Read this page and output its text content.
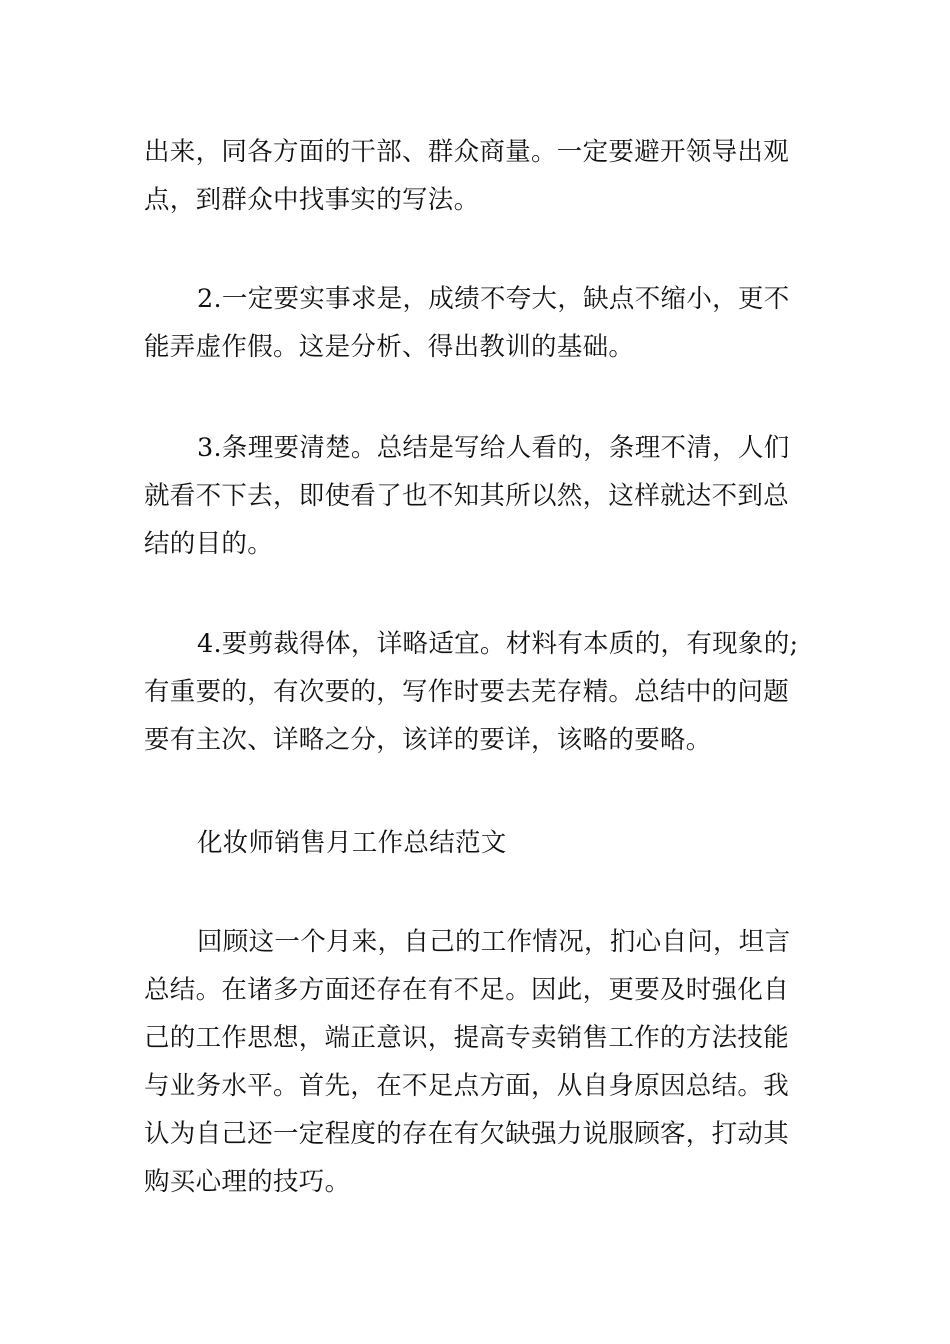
出来，同各方面的干部、群众商量。一定要避开领导出观
点，到群众中找事实的写法。

2.一定要实事求是，成绩不夸大，缺点不缩小，更不
能弄虚作假。这是分析、得出教训的基础。

3.条理要清楚。总结是写给人看的，条理不清，人们
就看不下去，即使看了也不知其所以然，这样就达不到总
结的目的。

4.要剪裁得体，详略适宜。材料有本质的，有现象的;
有重要的，有次要的，写作时要去芜存精。总结中的问题
要有主次、详略之分，该详的要详，该略的要略。

化妆师销售月工作总结范文

回顾这一个月来，自己的工作情况，扪心自问，坦言
总结。在诸多方面还存在有不足。因此，更要及时强化自
己的工作思想，端正意识，提高专卖销售工作的方法技能
与业务水平。首先，在不足点方面，从自身原因总结。我
认为自己还一定程度的存在有欠缺强力说服顾客，打动其
购买心理的技巧。
